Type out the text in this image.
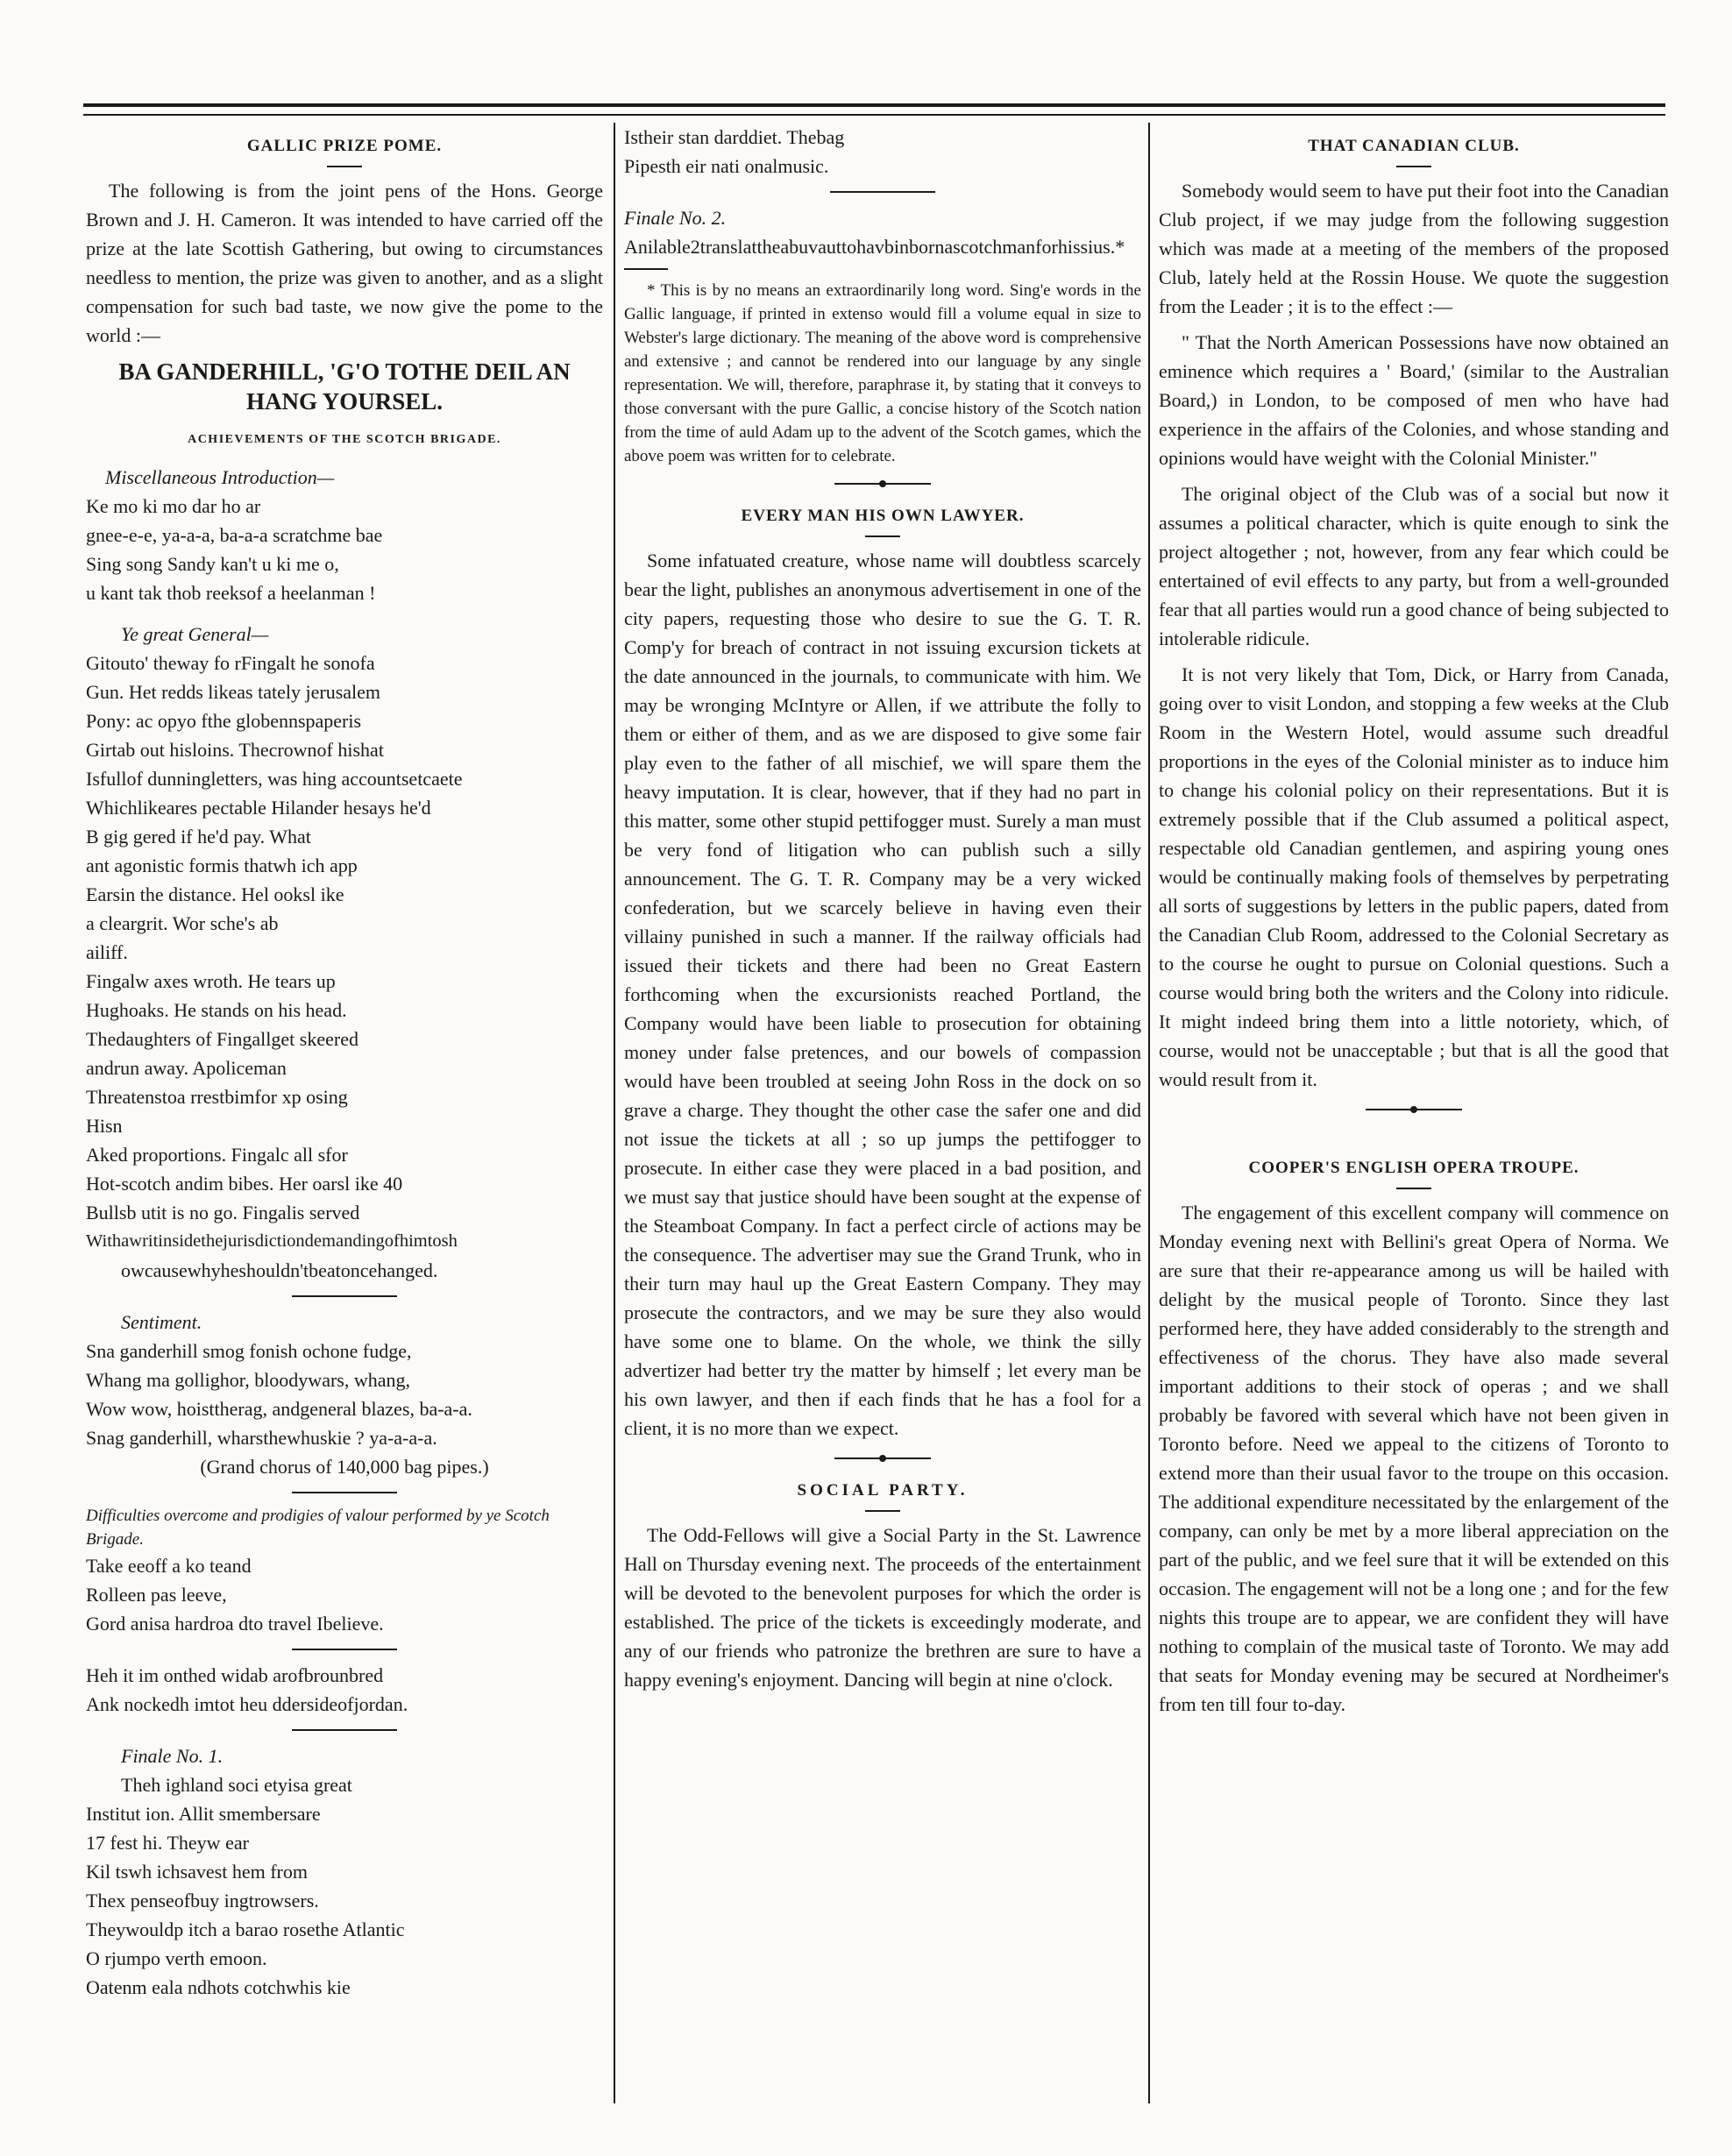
GALLIC PRIZE POME.

The following is from the joint pens of the Hons. George Brown and J. H. Cameron. It was intended to have carried off the prize at the late Scottish Gathering, but owing to circumstances needless to mention, the prize was given to another, and as a slight compensation for such bad taste, we now give the pome to the world :—

BA GANDERHILL, 'G'O TOTHE DEIL AN HANG YOURSEL.
ACHIEVEMENTS OF THE SCOTCH BRIGADE.
Miscellaneous Introduction—
Ke mo ki mo dar ho ar
gnee-e-e, ya-a-a, ba-a-a scratchme bae
Sing song Sandy kan't u ki me o,
u kant tak thob reeksof a heelanman !
Ye great General—
Gitouto' theway fo rFingalt he sonofa
Gun. Het redds likeas tately jerusalem
Pony: ac opyo fthe globennspaperis
Girtab out hisloins. Thecrownof hishat
Isfullof dunningletters, was hing accountsetcaete
Whichlikeares pectable Hilander hesays he'd
B gig gered if he'd pay. What
ant agonistic formis thatwh ich app
Earsin the distance. Hel ooksl ike
a cleargrit. Wor sche's ab
ailiff.
Fingalw axes wroth. He tears up
Hughoaks. He stands on his head.
Thedaughters of Fingallget skeered
andrun away. Apoliceman
Threatenstoa rrestbimfor xp osing
Hisn
Aked proportions. Fingalc all sfor
Hot-scotch andim bibes. Her oarsl ike 40
Bullsb utit is no go. Fingalis served
Withawritinsidethejurisdictiondemandingofhimtosh
owcausewhyheshouldn'tbeatoncehanged.
Sentiment.
Sna ganderhill smog fonish ochone fudge,
Whang ma gollighor, bloodywars, whang,
Wow wow, hoisttherag, andgeneral blazes, ba-a-a.
Snag ganderhill, wharsthewhuskie ? ya-a-a-a.
(Grand chorus of 140,000 bag pipes.)
Difficulties overcome and prodigies of valour performed by ye Scotch Brigade.
Take eeoff a ko teand
Rolleen pas leeve,
Gord anisa hardroa dto travel Ibelieve.
Heh it im onthed widab arofbrounbred
Ank nockedh imtot heu ddersideofjordan.
Finale No. 1.
Theh ighland soci etyisa great
Institut ion. Allit smembersare
17 fest hi. Theyw ear
Kil tswh ichsavest hem from
Thex penseofbuy ingtrowsers.
Theywouldp itch a barao rosethe Atlantic
O rjumpo verth emoon.
Oatenm eala ndhots cotchwhis kie
Istheir stan darddiet. Thebag
Pipesth eir nati onalmusic.
Finale No. 2.

Anilable2translattheabuvauttohavbinbornascotchmanforhissius.*

* This is by no means an extraordinarily long word. Sing'e words in the Gallic language, if printed in extenso would fill a volume equal in size to Webster's large dictionary. The meaning of the above word is comprehensive and extensive ; and cannot be rendered into our language by any single representation. We will, therefore, paraphrase it, by stating that it conveys to those conversant with the pure Gallic, a concise history of the Scotch nation from the time of auld Adam up to the advent of the Scotch games, which the above poem was written for to celebrate.

EVERY MAN HIS OWN LAWYER.

Some infatuated creature, whose name will doubtless scarcely bear the light, publishes an anonymous advertisement in one of the city papers, requesting those who desire to sue the G. T. R. Comp'y for breach of contract in not issuing excursion tickets at the date announced in the journals, to communicate with him. We may be wronging McIntyre or Allen, if we attribute the folly to them or either of them, and as we are disposed to give some fair play even to the father of all mischief, we will spare them the heavy imputation. It is clear, however, that if they had no part in this matter, some other stupid pettifogger must. Surely a man must be very fond of litigation who can publish such a silly announcement. The G. T. R. Company may be a very wicked confederation, but we scarcely believe in having even their villainy punished in such a manner. If the railway officials had issued their tickets and there had been no Great Eastern forthcoming when the excursionists reached Portland, the Company would have been liable to prosecution for obtaining money under false pretences, and our bowels of compassion would have been troubled at seeing John Ross in the dock on so grave a charge. They thought the other case the safer one and did not issue the tickets at all ; so up jumps the pettifogger to prosecute. In either case they were placed in a bad position, and we must say that justice should have been sought at the expense of the Steamboat Company. In fact a perfect circle of actions may be the consequence. The advertiser may sue the Grand Trunk, who in their turn may haul up the Great Eastern Company. They may prosecute the contractors, and we may be sure they also would have some one to blame. On the whole, we think the silly advertizer had better try the matter by himself ; let every man be his own lawyer, and then if each finds that he has a fool for a client, it is no more than we expect.

SOCIAL PARTY.

The Odd-Fellows will give a Social Party in the St. Lawrence Hall on Thursday evening next. The proceeds of the entertainment will be devoted to the benevolent purposes for which the order is established. The price of the tickets is exceedingly moderate, and any of our friends who patronize the brethren are sure to have a happy evening's enjoyment. Dancing will begin at nine o'clock.

THAT CANADIAN CLUB.

Somebody would seem to have put their foot into the Canadian Club project, if we may judge from the following suggestion which was made at a meeting of the members of the proposed Club, lately held at the Rossin House. We quote the suggestion from the Leader ; it is to the effect :—

" That the North American Possessions have now obtained an eminence which requires a ' Board,' (similar to the Australian Board,) in London, to be composed of men who have had experience in the affairs of the Colonies, and whose standing and opinions would have weight with the Colonial Minister."

The original object of the Club was of a social but now it assumes a political character, which is quite enough to sink the project altogether ; not, however, from any fear which could be entertained of evil effects to any party, but from a well-grounded fear that all parties would run a good chance of being subjected to intolerable ridicule.

It is not very likely that Tom, Dick, or Harry from Canada, going over to visit London, and stopping a few weeks at the Club Room in the Western Hotel, would assume such dreadful proportions in the eyes of the Colonial minister as to induce him to change his colonial policy on their representations. But it is extremely possible that if the Club assumed a political aspect, respectable old Canadian gentlemen, and aspiring young ones would be continually making fools of themselves by perpetrating all sorts of suggestions by letters in the public papers, dated from the Canadian Club Room, addressed to the Colonial Secretary as to the course he ought to pursue on Colonial questions. Such a course would bring both the writers and the Colony into ridicule. It might indeed bring them into a little notoriety, which, of course, would not be unacceptable ; but that is all the good that would result from it.

COOPER'S ENGLISH OPERA TROUPE.

The engagement of this excellent company will commence on Monday evening next with Bellini's great Opera of Norma. We are sure that their re-appearance among us will be hailed with delight by the musical people of Toronto. Since they last performed here, they have added considerably to the strength and effectiveness of the chorus. They have also made several important additions to their stock of operas ; and we shall probably be favored with several which have not been given in Toronto before. Need we appeal to the citizens of Toronto to extend more than their usual favor to the troupe on this occasion. The additional expenditure necessitated by the enlargement of the company, can only be met by a more liberal appreciation on the part of the public, and we feel sure that it will be extended on this occasion. The engagement will not be a long one ; and for the few nights this troupe are to appear, we are confident they will have nothing to complain of the musical taste of Toronto. We may add that seats for Monday evening may be secured at Nordheimer's from ten till four to-day.
